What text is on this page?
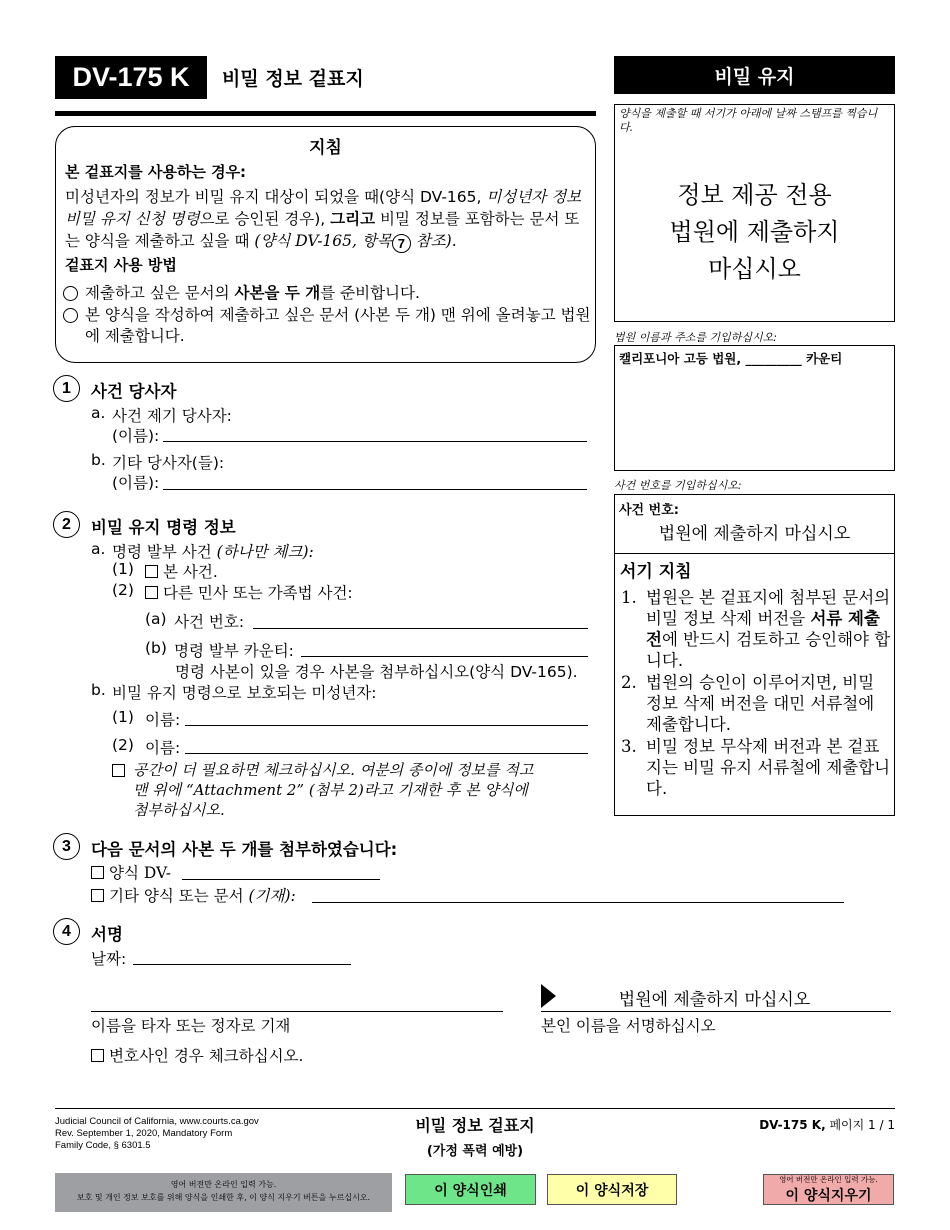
DV-175 K	비밀 정보 겉표지	비밀 유지
양식을 제출할 때 서기가 아래에 날짜 스탬프를 찍습니다.
정보 제공 전용
법원에 제출하지
마십시오
법원 이름과 주소를 기입하십시오:
캘리포니아 고등 법원, _________ 카운티
사건 번호를 기입하십시오:
사건 번호:
법원에 제출하지 마십시오
서기 지침
1. 법원은 본 겉표지에 첨부된 문서의 비밀 정보 삭제 버전을 서류 제출 전에 반드시 검토하고 승인해야 합니다.
2. 법원의 승인이 이루어지면, 비밀 정보 삭제 버전을 대민 서류철에 제출합니다.
3. 비밀 정보 무삭제 버전과 본 겉표지는 비밀 유지 서류철에 제출합니다.
지침
본 겉표지를 사용하는 경우:
미성년자의 정보가 비밀 유지 대상이 되었을 때(양식 DV-165, 미성년자 정보 비밀 유지 신청 명령으로 승인된 경우), 그리고 비밀 정보를 포함하는 문서 또는 양식을 제출하고 싶을 때 (양식 DV-165, 항목 7 참조).
겉표지 사용 방법
제출하고 싶은 문서의 사본을 두 개를 준비합니다.
본 양식을 작성하여 제출하고 싶은 문서 (사본 두 개) 맨 위에 올려놓고 법원에 제출합니다.
1	사건 당사자
a. 사건 제기 당사자:
(이름):
b. 기타 당사자(들):
(이름):
2	비밀 유지 명령 정보
a. 명령 발부 사건 (하나만 체크):
(1)	본 사건.
(2)	다른 민사 또는 가족법 사건:
(a) 사건 번호:
(b) 명령 발부 카운티:
명령 사본이 있을 경우 사본을 첨부하십시오(양식 DV-165).
b. 비밀 유지 명령으로 보호되는 미성년자:
(1) 이름:
(2) 이름:
공간이 더 필요하면 체크하십시오. 여분의 종이에 정보를 적고
맨 위에 “Attachment 2” (첨부 2)라고 기재한 후 본 양식에
첨부하십시오.
3	다음 문서의 사본 두 개를 첨부하였습니다:
양식 DV-
기타 양식 또는 문서 (기재):
4	서명
날짜:
법원에 제출하지 마십시오
이름을 타자 또는 정자로 기재	본인 이름을 서명하십시오
변호사인 경우 체크하십시오.
Judicial Council of California, www.courts.ca.gov
Rev. September 1, 2020, Mandatory Form
Family Code, § 6301.5
비밀 정보 겉표지
(가정 폭력 예방)
DV-175 K, 페이지 1 / 1
영어 버전만 온라인 입력 가능.
보호 및 개인 정보 보호를 위해 양식을 인쇄한 후, 이 양식 지우기 버튼을 누르십시오.	이 양식인쇄	이 양식저장
영어 버전만 온라인 입력 가능.
이 양식지우기
